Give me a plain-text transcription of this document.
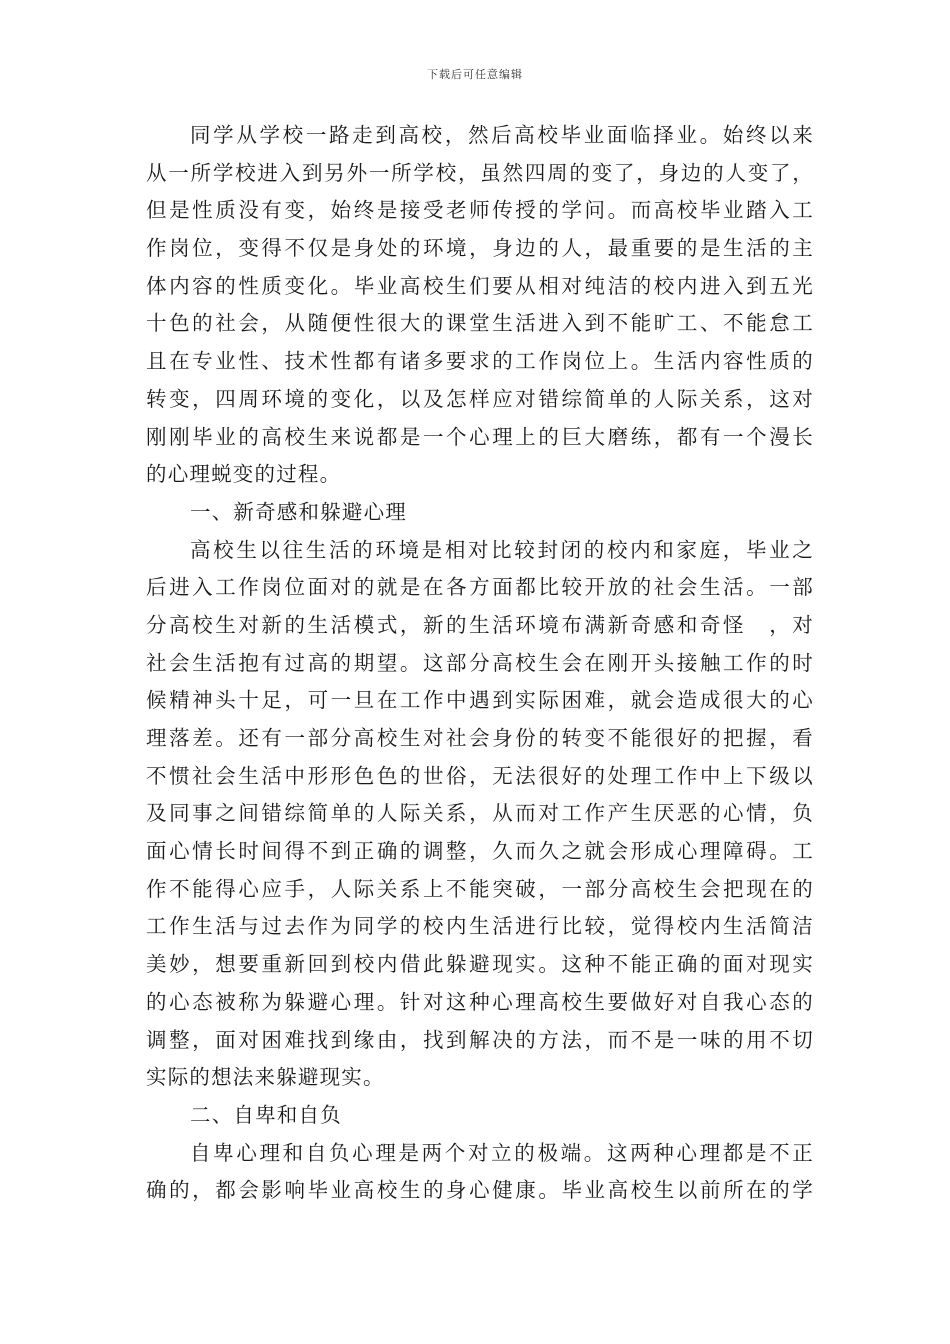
下载后可任意编辑
同学从学校一路走到高校，然后高校毕业面临择业。始终以来
从一所学校进入到另外一所学校，虽然四周的变了，身边的人变了，
但是性质没有变，始终是接受老师传授的学问。而高校毕业踏入工
作岗位，变得不仅是身处的环境，身边的人，最重要的是生活的主
体内容的性质变化。毕业高校生们要从相对纯洁的校内进入到五光
十色的社会，从随便性很大的课堂生活进入到不能旷工、不能怠工
且在专业性、技术性都有诸多要求的工作岗位上。生活内容性质的
转变，四周环境的变化，以及怎样应对错综简单的人际关系，这对
刚刚毕业的高校生来说都是一个心理上的巨大磨练，都有一个漫长
的心理蜕变的过程。
一、新奇感和躲避心理
高校生以往生活的环境是相对比较封闭的校内和家庭，毕业之
后进入工作岗位面对的就是在各方面都比较开放的社会生活。一部
分高校生对新的生活模式，新的生活环境布满新奇感和奇怪　，对
社会生活抱有过高的期望。这部分高校生会在刚开头接触工作的时
候精神头十足，可一旦在工作中遇到实际困难，就会造成很大的心
理落差。还有一部分高校生对社会身份的转变不能很好的把握，看
不惯社会生活中形形色色的世俗，无法很好的处理工作中上下级以
及同事之间错综简单的人际关系，从而对工作产生厌恶的心情，负
面心情长时间得不到正确的调整，久而久之就会形成心理障碍。工
作不能得心应手，人际关系上不能突破，一部分高校生会把现在的
工作生活与过去作为同学的校内生活进行比较，觉得校内生活简洁
美妙，想要重新回到校内借此躲避现实。这种不能正确的面对现实
的心态被称为躲避心理。针对这种心理高校生要做好对自我心态的
调整，面对困难找到缘由，找到解决的方法，而不是一味的用不切
实际的想法来躲避现实。
二、自卑和自负
自卑心理和自负心理是两个对立的极端。这两种心理都是不正
确的，都会影响毕业高校生的身心健康。毕业高校生以前所在的学
